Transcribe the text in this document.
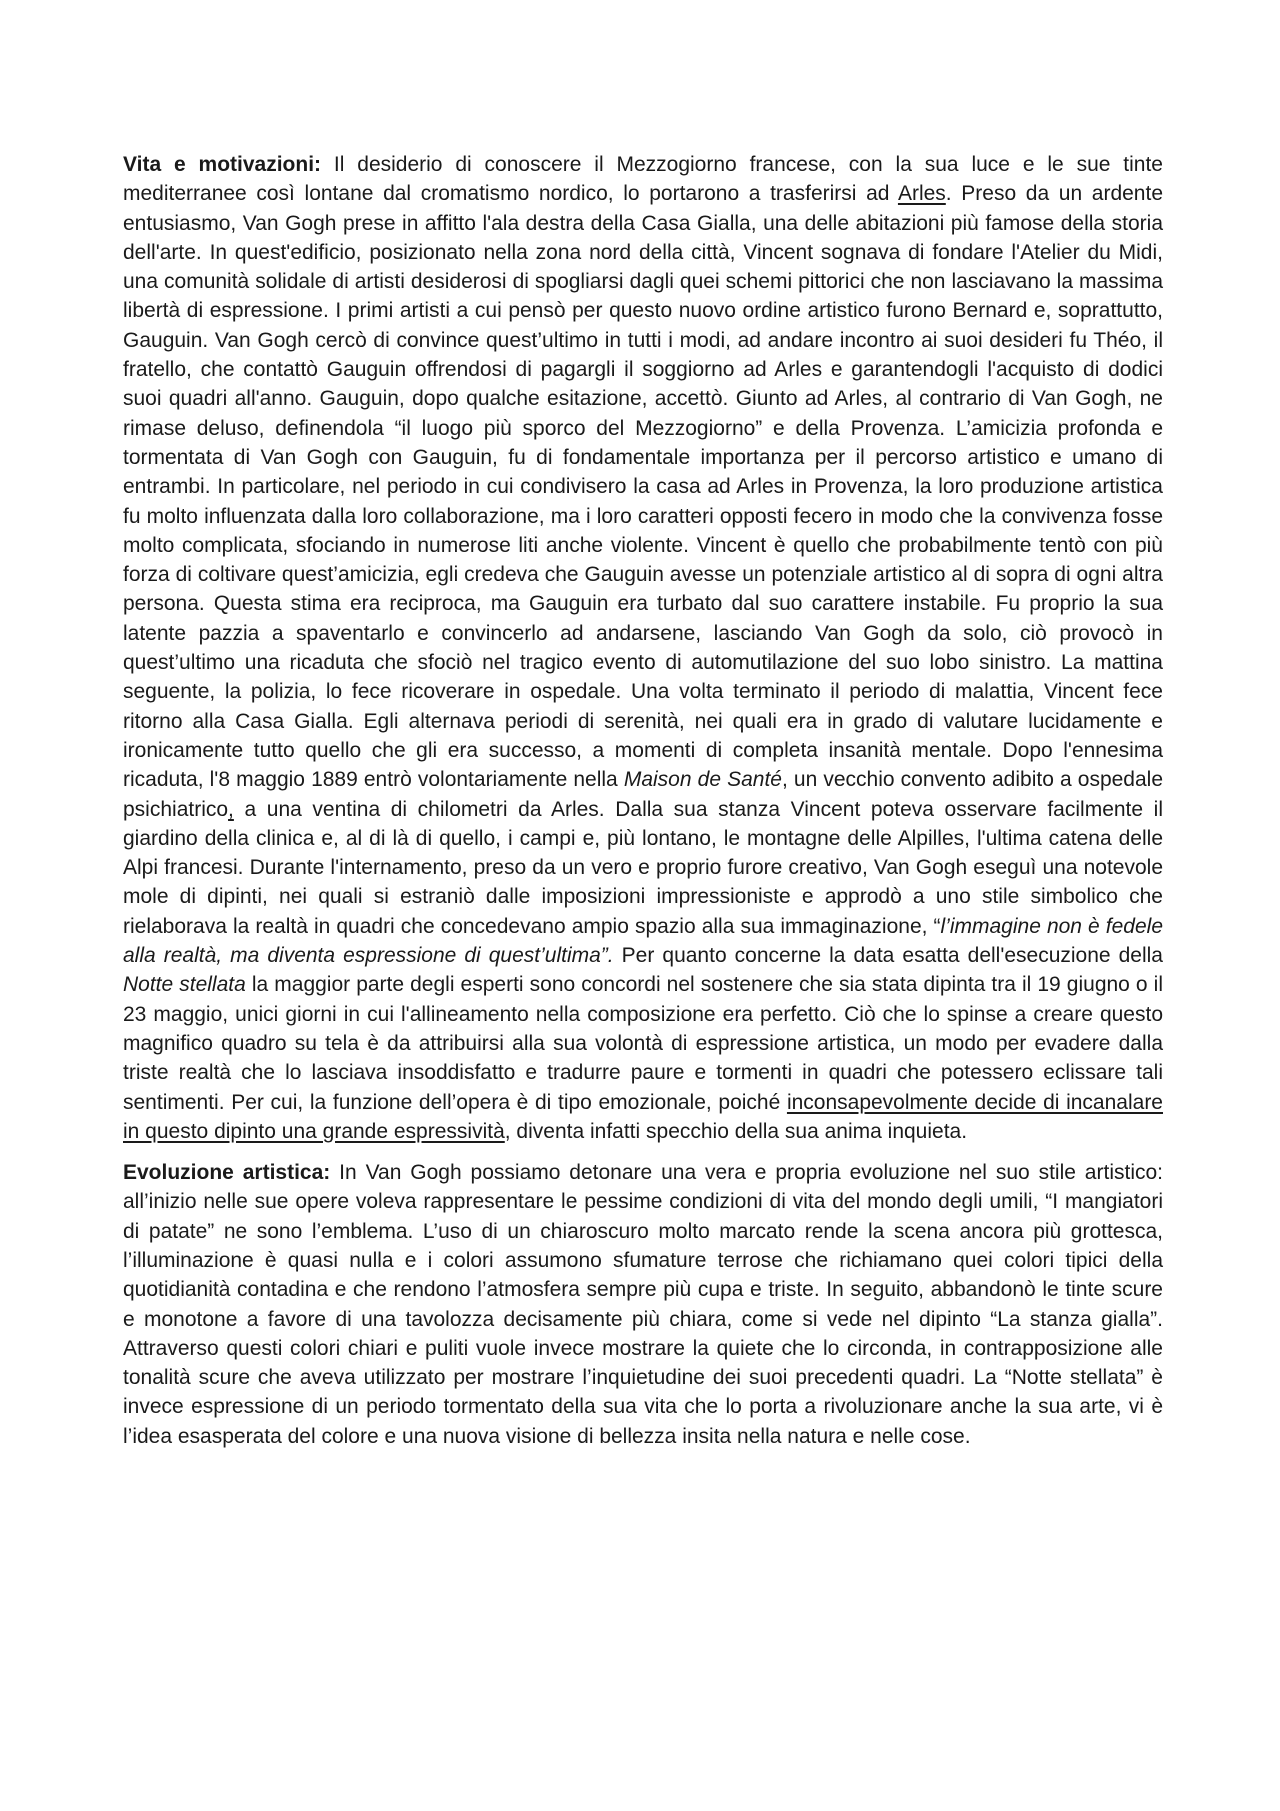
Vita e motivazioni: Il desiderio di conoscere il Mezzogiorno francese, con la sua luce e le sue tinte mediterranee così lontane dal cromatismo nordico, lo portarono a trasferirsi ad Arles. Preso da un ardente entusiasmo, Van Gogh prese in affitto l'ala destra della Casa Gialla, una delle abitazioni più famose della storia dell'arte. In quest'edificio, posizionato nella zona nord della città, Vincent sognava di fondare l'Atelier du Midi, una comunità solidale di artisti desiderosi di spogliarsi dagli quei schemi pittorici che non lasciavano la massima libertà di espressione. I primi artisti a cui pensò per questo nuovo ordine artistico furono Bernard e, soprattutto, Gauguin. Van Gogh cercò di convince quest’ultimo in tutti i modi, ad andare incontro ai suoi desideri fu Théo, il fratello, che contattò Gauguin offrendosi di pagargli il soggiorno ad Arles e garantendogli l'acquisto di dodici suoi quadri all'anno. Gauguin, dopo qualche esitazione, accettò. Giunto ad Arles, al contrario di Van Gogh, ne rimase deluso, definendola “il luogo più sporco del Mezzogiorno” e della Provenza. L’amicizia profonda e tormentata di Van Gogh con Gauguin, fu di fondamentale importanza per il percorso artistico e umano di entrambi. In particolare, nel periodo in cui condivisero la casa ad Arles in Provenza, la loro produzione artistica fu molto influenzata dalla loro collaborazione, ma i loro caratteri opposti fecero in modo che la convivenza fosse molto complicata, sfociando in numerose liti anche violente. Vincent è quello che probabilmente tentò con più forza di coltivare quest’amicizia, egli credeva che Gauguin avesse un potenziale artistico al di sopra di ogni altra persona. Questa stima era reciproca, ma Gauguin era turbato dal suo carattere instabile. Fu proprio la sua latente pazzia a spaventarlo e convincerlo ad andarsene, lasciando Van Gogh da solo, ciò provocò in quest’ultimo una ricaduta che sfociò nel tragico evento di automutilazione del suo lobo sinistro. La mattina seguente, la polizia, lo fece ricoverare in ospedale. Una volta terminato il periodo di malattia, Vincent fece ritorno alla Casa Gialla. Egli alternava periodi di serenità, nei quali era in grado di valutare lucidamente e ironicamente tutto quello che gli era successo, a momenti di completa insanità mentale. Dopo l'ennesima ricaduta, l'8 maggio 1889 entrò volontariamente nella Maison de Santé, un vecchio convento adibito a ospedale psichiatrico, a una ventina di chilometri da Arles. Dalla sua stanza Vincent poteva osservare facilmente il giardino della clinica e, al di là di quello, i campi e, più lontano, le montagne delle Alpilles, l'ultima catena delle Alpi francesi. Durante l'internamento, preso da un vero e proprio furore creativo, Van Gogh eseguì una notevole mole di dipinti, nei quali si estraniò dalle imposizioni impressioniste e approdò a uno stile simbolico che rielaborava la realtà in quadri che concedevano ampio spazio alla sua immaginazione, “l’immagine non è fedele alla realtà, ma diventa espressione di quest’ultima”. Per quanto concerne la data esatta dell'esecuzione della Notte stellata la maggior parte degli esperti sono concordi nel sostenere che sia stata dipinta tra il 19 giugno o il 23 maggio, unici giorni in cui l'allineamento nella composizione era perfetto. Ciò che lo spinse a creare questo magnifico quadro su tela è da attribuirsi alla sua volontà di espressione artistica, un modo per evadere dalla triste realtà che lo lasciava insoddisfatto e tradurre paure e tormenti in quadri che potessero eclissare tali sentimenti. Per cui, la funzione dell’opera è di tipo emozionale, poiché inconsapevolmente decide di incanalare in questo dipinto una grande espressività, diventa infatti specchio della sua anima inquieta.

Evoluzione artistica: In Van Gogh possiamo detonare una vera e propria evoluzione nel suo stile artistico: all’inizio nelle sue opere voleva rappresentare le pessime condizioni di vita del mondo degli umili, “I mangiatori di patate” ne sono l’emblema. L’uso di un chiaroscuro molto marcato rende la scena ancora più grottesca, l’illuminazione è quasi nulla e i colori assumono sfumature terrose che richiamano quei colori tipici della quotidianità contadina e che rendono l’atmosfera sempre più cupa e triste. In seguito, abbandonò le tinte scure e monotone a favore di una tavolozza decisamente più chiara, come si vede nel dipinto “La stanza gialla”. Attraverso questi colori chiari e puliti vuole invece mostrare la quiete che lo circonda, in contrapposizione alle tonalità scure che aveva utilizzato per mostrare l’inquietudine dei suoi precedenti quadri. La “Notte stellata” è invece espressione di un periodo tormentato della sua vita che lo porta a rivoluzionare anche la sua arte, vi è l’idea esasperata del colore e una nuova visione di bellezza insita nella natura e nelle cose.
